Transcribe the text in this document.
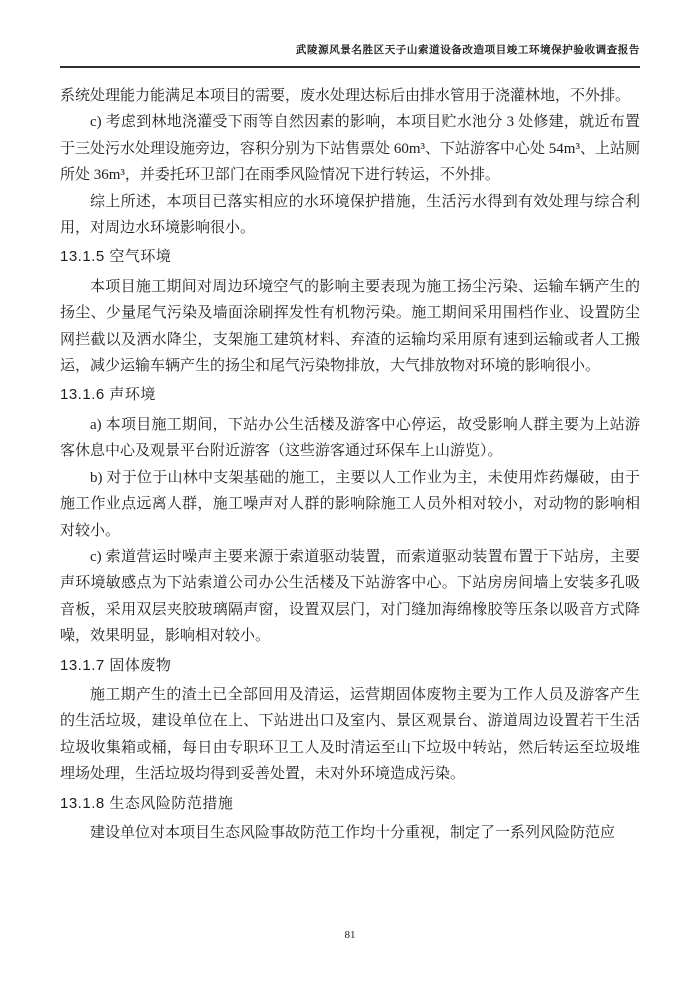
武陵源风景名胜区天子山索道设备改造项目竣工环境保护验收调查报告

系统处理能力能满足本项目的需要，废水处理达标后由排水管用于浇灌林地，不外排。

c) 考虑到林地浇灌受下雨等自然因素的影响，本项目贮水池分 3 处修建，就近布置于三处污水处理设施旁边，容积分别为下站售票处 60m³、下站游客中心处 54m³、上站厕所处 36m³，并委托环卫部门在雨季风险情况下进行转运，不外排。

综上所述，本项目已落实相应的水环境保护措施，生活污水得到有效处理与综合利用，对周边水环境影响很小。

13.1.5 空气环境

本项目施工期间对周边环境空气的影响主要表现为施工扬尘污染、运输车辆产生的扬尘、少量尾气污染及墙面涂刷挥发性有机物污染。施工期间采用围档作业、设置防尘网拦截以及洒水降尘，支架施工建筑材料、弃渣的运输均采用原有速到运输或者人工搬运，减少运输车辆产生的扬尘和尾气污染物排放，大气排放物对环境的影响很小。

13.1.6 声环境

a) 本项目施工期间，下站办公生活楼及游客中心停运，故受影响人群主要为上站游客休息中心及观景平台附近游客（这些游客通过环保车上山游览）。

b) 对于位于山林中支架基础的施工，主要以人工作业为主，未使用炸药爆破，由于施工作业点远离人群，施工噪声对人群的影响除施工人员外相对较小，对动物的影响相对较小。

c) 索道营运时噪声主要来源于索道驱动装置，而索道驱动装置布置于下站房，主要声环境敏感点为下站索道公司办公生活楼及下站游客中心。下站房房间墙上安装多孔吸音板，采用双层夹胶玻璃隔声窗，设置双层门，对门缝加海绵橡胶等压条以吸音方式降噪，效果明显，影响相对较小。

13.1.7 固体废物

施工期产生的渣土已全部回用及清运，运营期固体废物主要为工作人员及游客产生的生活垃圾，建设单位在上、下站进出口及室内、景区观景台、游道周边设置若干生活垃圾收集箱或桶，每日由专职环卫工人及时清运至山下垃圾中转站，然后转运至垃圾堆埋场处理，生活垃圾均得到妥善处置，未对外环境造成污染。

13.1.8 生态风险防范措施

建设单位对本项目生态风险事故防范工作均十分重视，制定了一系列风险防范应

81
